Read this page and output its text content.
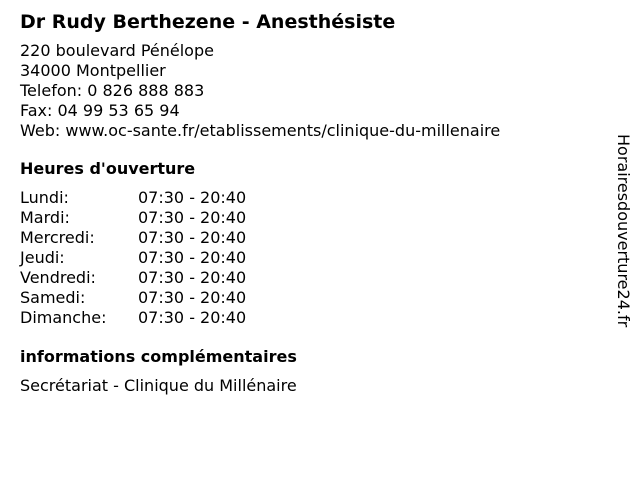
Dr Rudy Berthezene - Anesthésiste
220 boulevard Pénélope
34000 Montpellier
Telefon: 0 826 888 883
Fax: 04 99 53 65 94
Web: www.oc-sante.fr/etablissements/clinique-du-millenaire
Heures d'ouverture
Lundi:	07:30 - 20:40
Mardi:	07:30 - 20:40
Mercredi:	07:30 - 20:40
Jeudi:	07:30 - 20:40
Vendredi:	07:30 - 20:40
Samedi:	07:30 - 20:40
Dimanche:	07:30 - 20:40
informations complémentaires
Secrétariat - Clinique du Millénaire
Horairesdouverture24.fr
